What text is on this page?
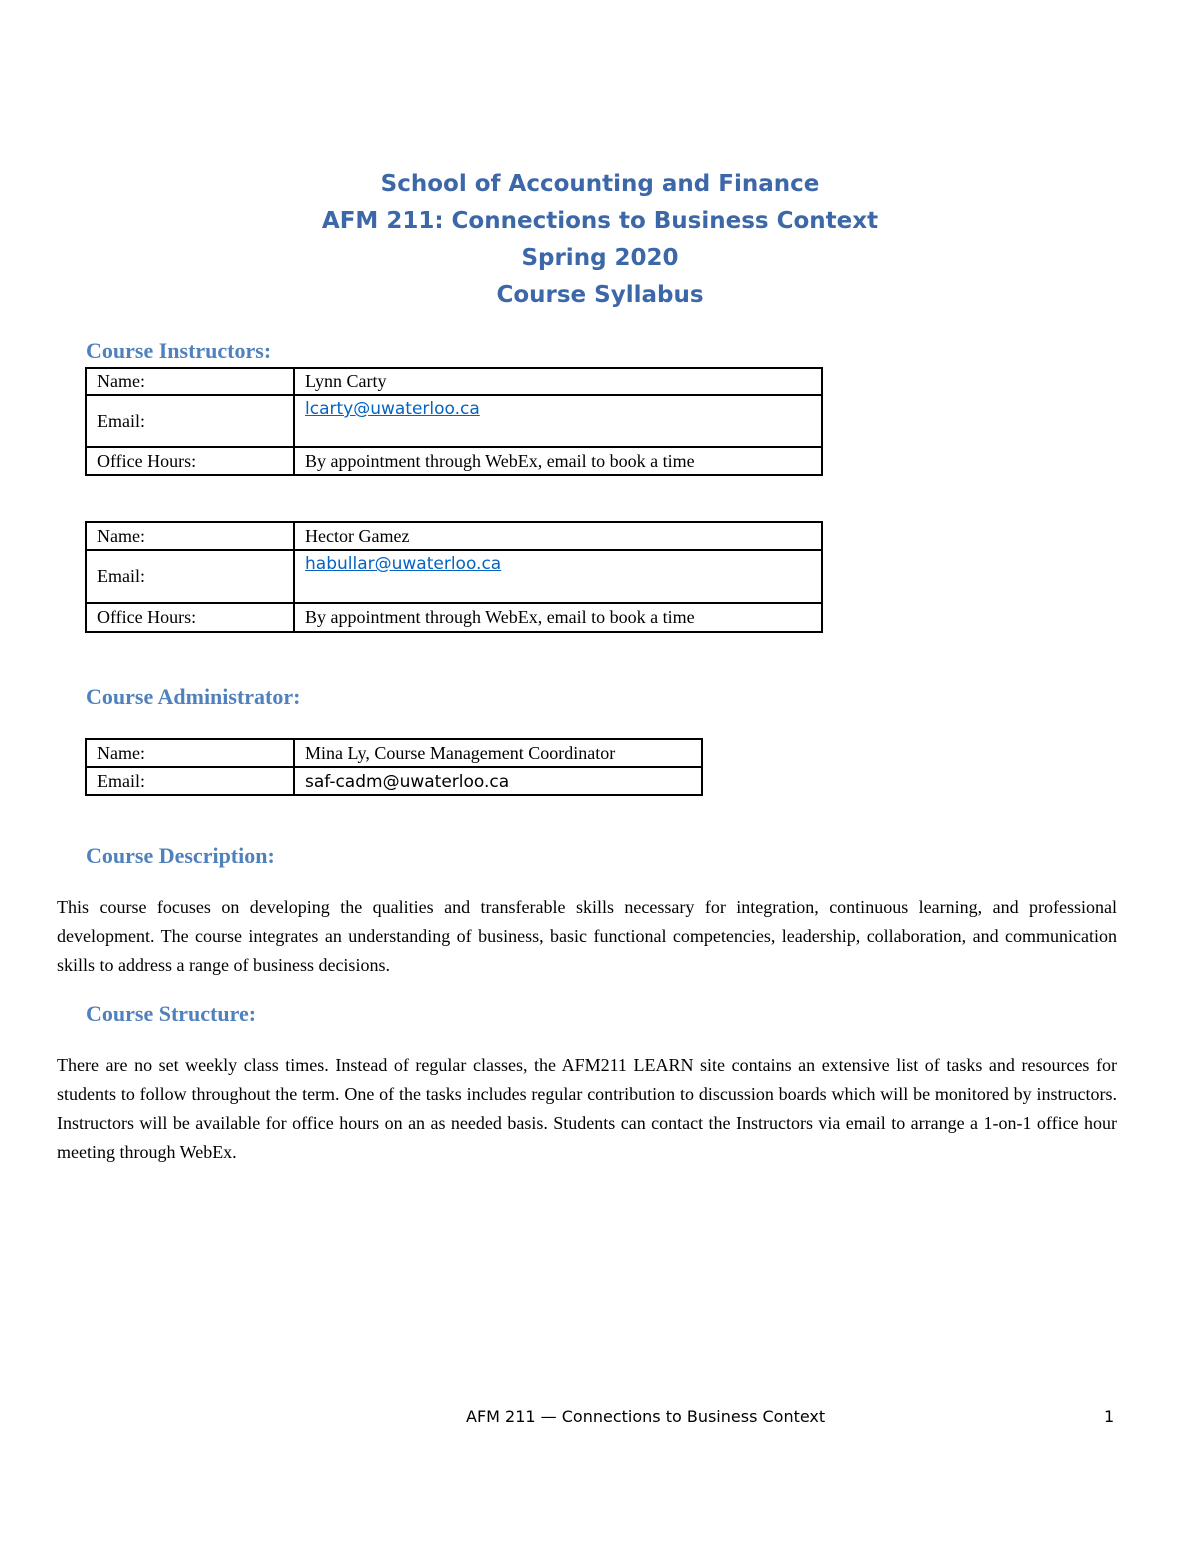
School of Accounting and Finance
AFM 211: Connections to Business Context
Spring 2020
Course Syllabus
Course Instructors:
Name:	Lynn Carty
Email:	lcarty@uwaterloo.ca
Office Hours:	By appointment through WebEx, email to book a time
Name:	Hector Gamez
Email:	habullar@uwaterloo.ca
Office Hours:	By appointment through WebEx, email to book a time
Course Administrator:
Name:	Mina Ly, Course Management Coordinator
Email:	saf-cadm@uwaterloo.ca
Course Description:
This course focuses on developing the qualities and transferable skills necessary for integration, continuous learning, and professional development. The course integrates an understanding of business, basic functional competencies, leadership, collaboration, and communication skills to address a range of business decisions.
Course Structure:
There are no set weekly class times. Instead of regular classes, the AFM211 LEARN site contains an extensive list of tasks and resources for students to follow throughout the term. One of the tasks includes regular contribution to discussion boards which will be monitored by instructors. Instructors will be available for office hours on an as needed basis. Students can contact the Instructors via email to arrange a 1-on-1 office hour meeting through WebEx.
AFM 211 — Connections to Business Context	1
